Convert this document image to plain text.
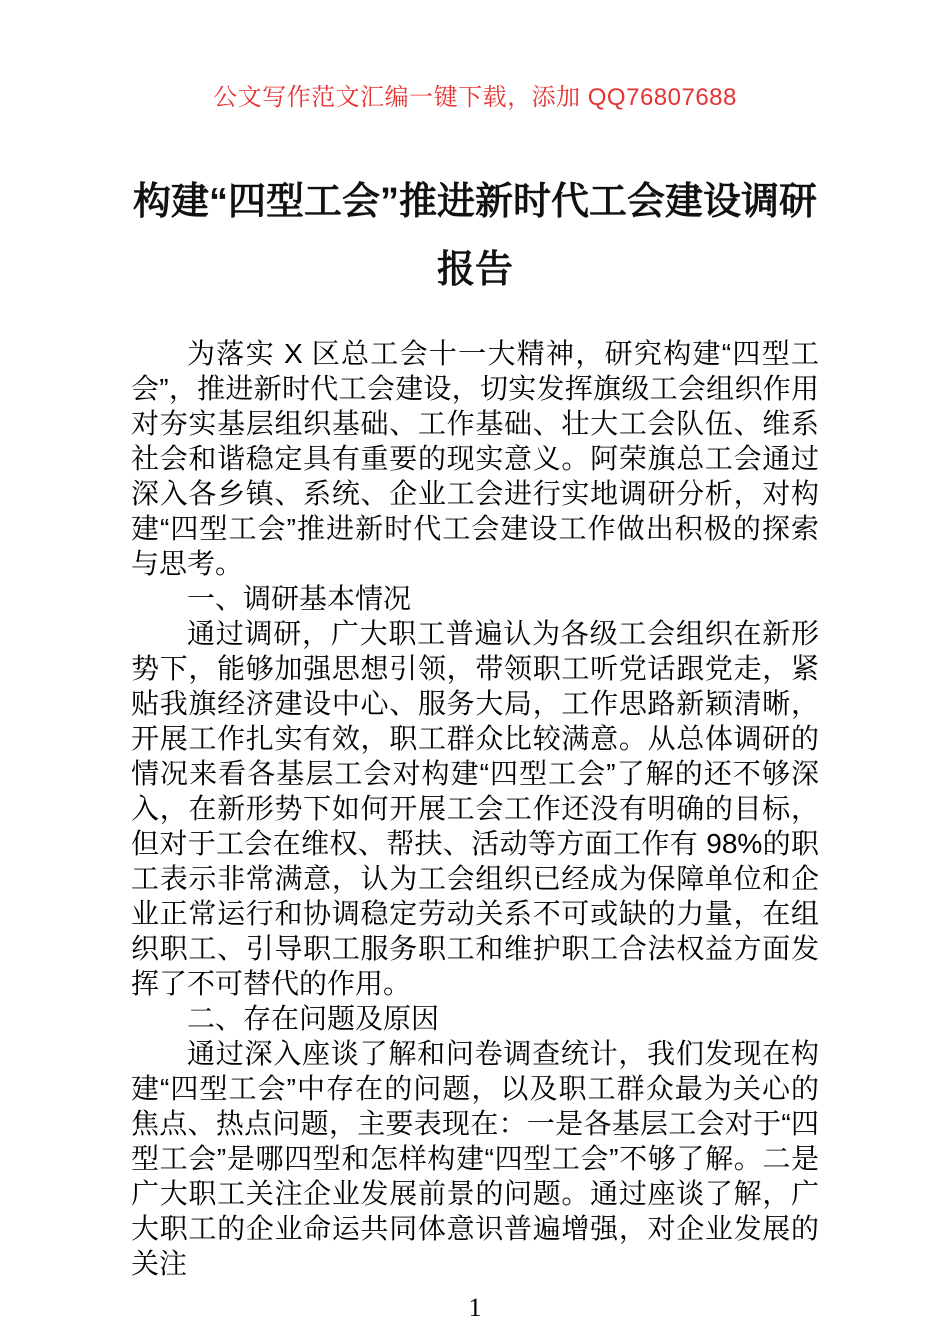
公文写作范文汇编一键下载，添加 QQ76807688
构建“四型工会”推进新时代工会建设调研报告

为落实 X 区总工会十一大精神，研究构建“四型工会”，推进新时代工会建设，切实发挥旗级工会组织作用对夯实基层组织基础、工作基础、壮大工会队伍、维系社会和谐稳定具有重要的现实意义。阿荣旗总工会通过深入各乡镇、系统、企业工会进行实地调研分析，对构建“四型工会”推进新时代工会建设工作做出积极的探索与思考。

一、调研基本情况

通过调研，广大职工普遍认为各级工会组织在新形势下，能够加强思想引领，带领职工听党话跟党走，紧贴我旗经济建设中心、服务大局，工作思路新颖清晰，开展工作扎实有效，职工群众比较满意。从总体调研的情况来看各基层工会对构建“四型工会”了解的还不够深入，在新形势下如何开展工会工作还没有明确的目标，但对于工会在维权、帮扶、活动等方面工作有 98%的职工表示非常满意，认为工会组织已经成为保障单位和企业正常运行和协调稳定劳动关系不可或缺的力量，在组织职工、引导职工服务职工和维护职工合法权益方面发挥了不可替代的作用。

二、存在问题及原因

通过深入座谈了解和问卷调查统计，我们发现在构建“四型工会”中存在的问题，以及职工群众最为关心的焦点、热点问题，主要表现在：一是各基层工会对于“四型工会”是哪四型和怎样构建“四型工会”不够了解。二是广大职工关注企业发展前景的问题。通过座谈了解，广大职工的企业命运共同体意识普遍增强，对企业发展的关注

1
